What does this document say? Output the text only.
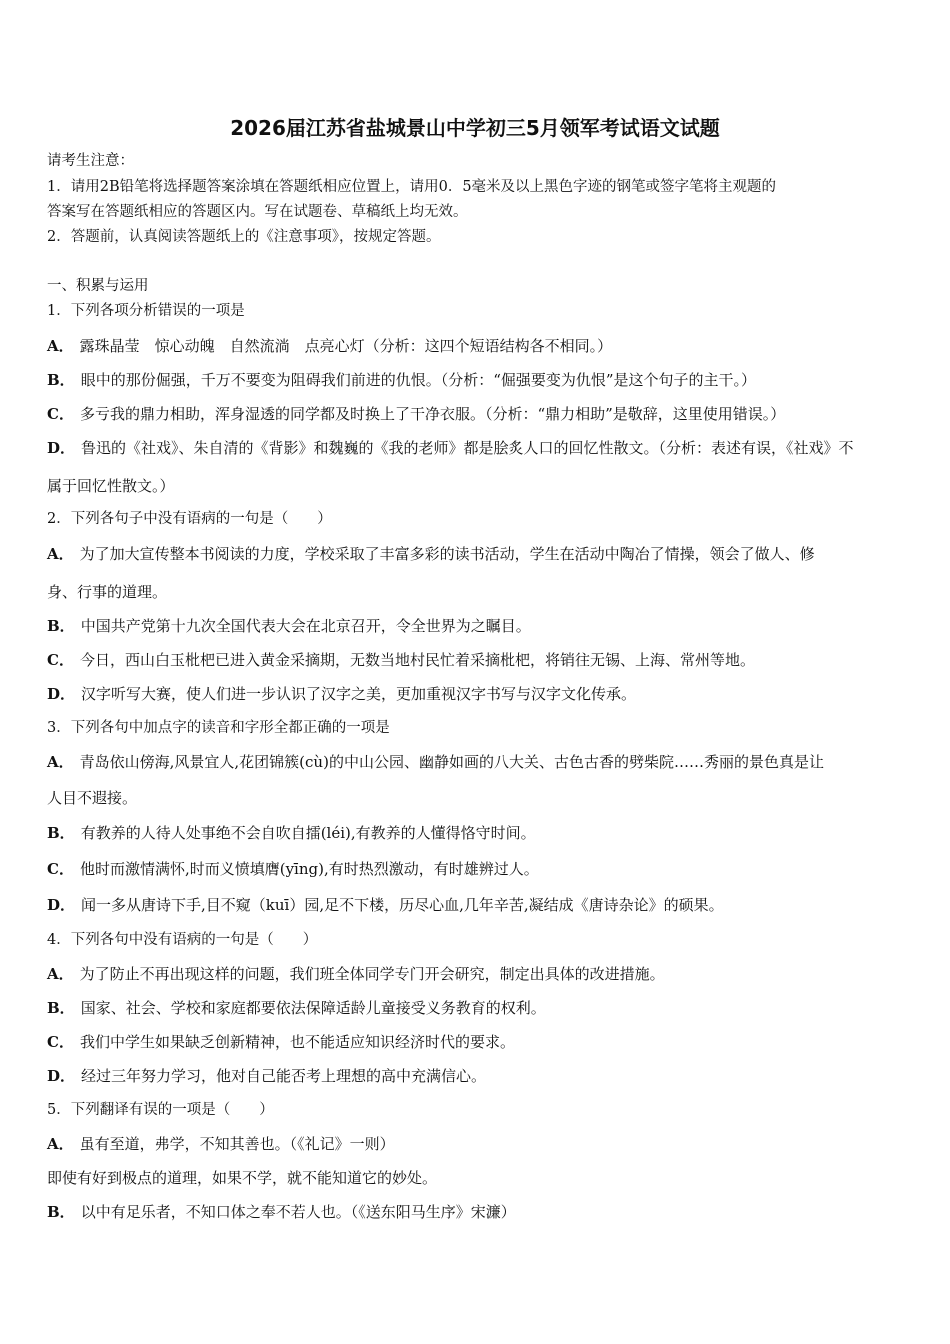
2026届江苏省盐城景山中学初三5月领军考试语文试题
请考生注意：
1．请用2B铅笔将选择题答案涂填在答题纸相应位置上，请用0．5毫米及以上黑色字迹的钢笔或签字笔将主观题的
答案写在答题纸相应的答题区内。写在试题卷、草稿纸上均无效。
2．答题前，认真阅读答题纸上的《注意事项》，按规定答题。
一、积累与运用
1．下列各项分析错误的一项是
A． 露珠晶莹　惊心动魄　自然流淌　点亮心灯（分析：这四个短语结构各不相同。）
B． 眼中的那份倔强，千万不要变为阻碍我们前进的仇恨。（分析：“倔强要变为仇恨”是这个句子的主干。）
C． 多亏我的鼎力相助，浑身湿透的同学都及时换上了干净衣服。（分析：“鼎力相助”是敬辞，这里使用错误。）
D． 鲁迅的《社戏》、朱自清的《背影》和魏巍的《我的老师》都是脍炙人口的回忆性散文。（分析：表述有误，《社戏》不
属于回忆性散文。）
2．下列各句子中没有语病的一句是（　　）
A． 为了加大宣传整本书阅读的力度，学校采取了丰富多彩的读书活动，学生在活动中陶冶了情操，领会了做人、修
身、行事的道理。
B． 中国共产党第十九次全国代表大会在北京召开，令全世界为之瞩目。
C． 今日，西山白玉枇杷已进入黄金采摘期，无数当地村民忙着采摘枇杷，将销往无锡、上海、常州等地。
D． 汉字听写大赛，使人们进一步认识了汉字之美，更加重视汉字书写与汉字文化传承。
3．下列各句中加点字的读音和字形全都正确的一项是
A． 青岛依山傍海,风景宜人,花团锦簇(cù)的中山公园、幽静如画的八大关、古色古香的劈柴院……秀丽的景色真是让
人目不遐接。
B． 有教养的人待人处事绝不会自吹自擂(léi),有教养的人懂得恪守时间。
C． 他时而激情满怀,时而义愤填膺(yīng),有时热烈激动，有时雄辨过人。
D． 闻一多从唐诗下手,目不窥（kuī）园,足不下楼，历尽心血,几年辛苦,凝结成《唐诗杂论》的硕果。
4．下列各句中没有语病的一句是（　　）
A． 为了防止不再出现这样的问题，我们班全体同学专门开会研究，制定出具体的改进措施。
B． 国家、社会、学校和家庭都要依法保障适龄儿童接受义务教育的权利。
C． 我们中学生如果缺乏创新精神，也不能适应知识经济时代的要求。
D． 经过三年努力学习，他对自己能否考上理想的高中充满信心。
5．下列翻译有误的一项是（　　）
A． 虽有至道，弗学，不知其善也。（《礼记》一则）
即使有好到极点的道理，如果不学，就不能知道它的妙处。
B． 以中有足乐者，不知口体之奉不若人也。（《送东阳马生序》宋濂）
